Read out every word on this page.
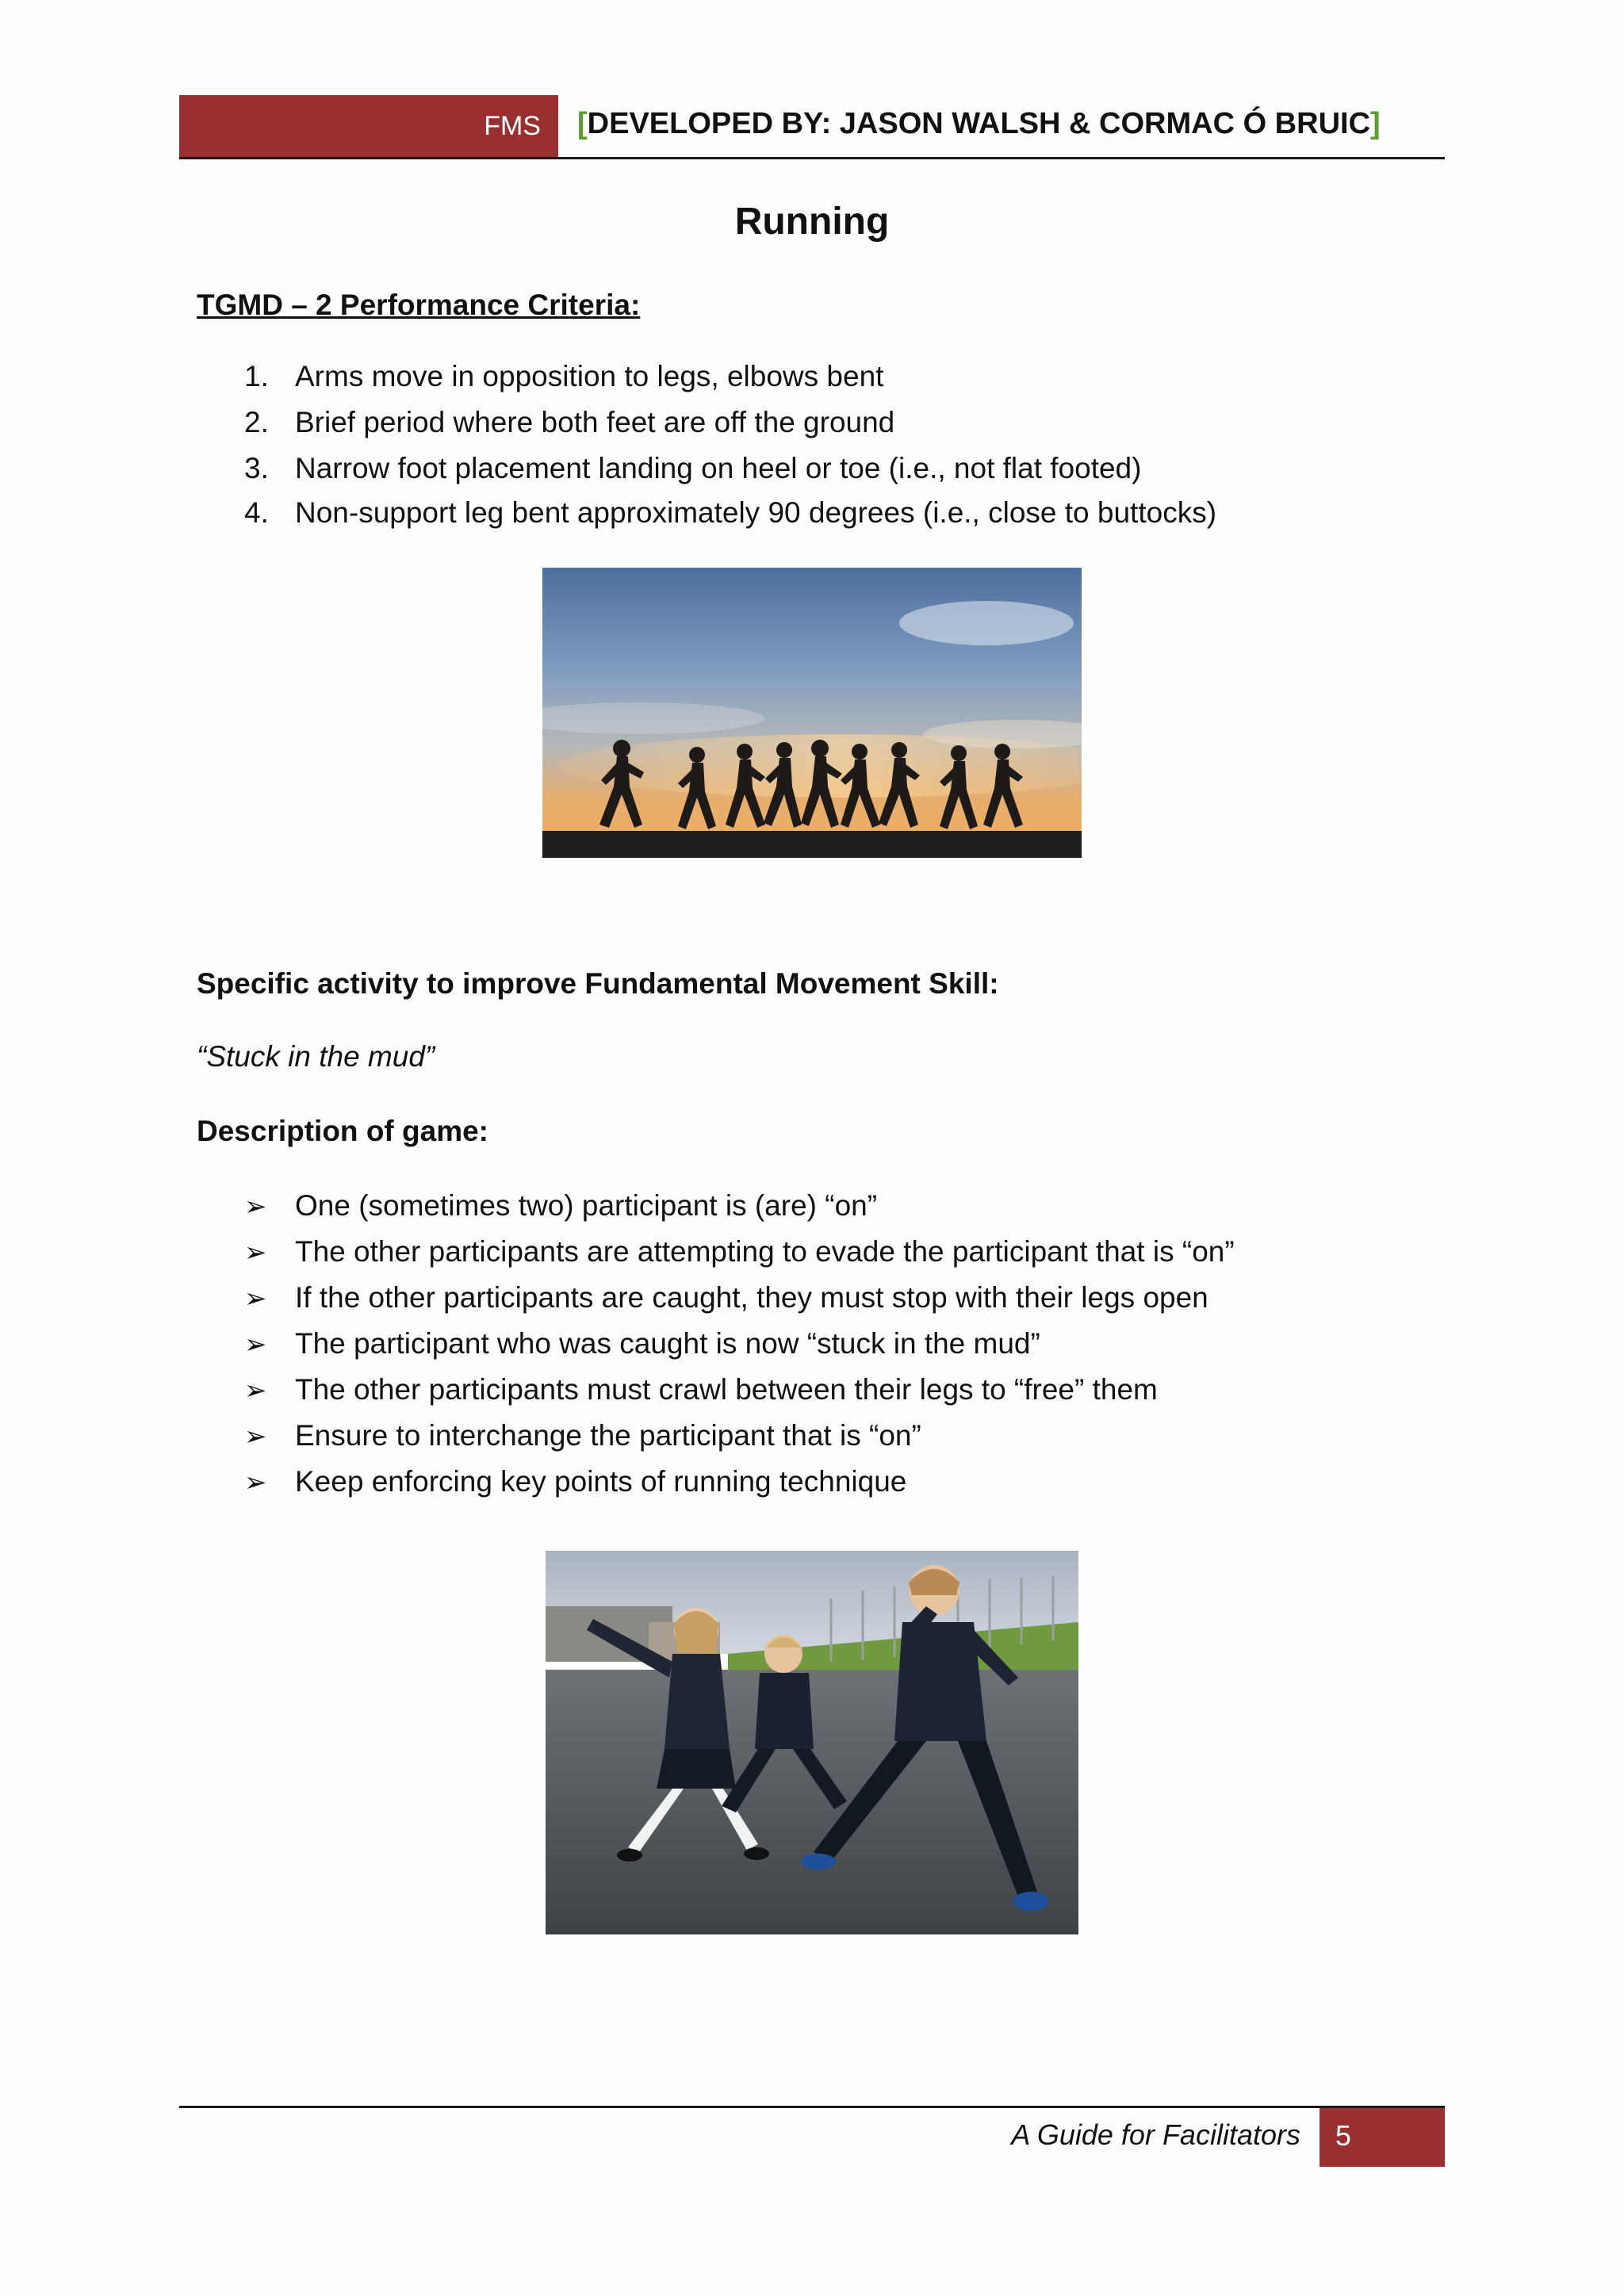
FMS [DEVELOPED BY: JASON WALSH & CORMAC Ó BRUIC]
Running
TGMD – 2 Performance Criteria:
1. Arms move in opposition to legs, elbows bent
2. Brief period where both feet are off the ground
3. Narrow foot placement landing on heel or toe (i.e., not flat footed)
4. Non-support leg bent approximately 90 degrees (i.e., close to buttocks)
Specific activity to improve Fundamental Movement Skill:
“Stuck in the mud”
Description of game:
➢ One (sometimes two) participant is (are) “on”
➢ The other participants are attempting to evade the participant that is “on”
➢ If the other participants are caught, they must stop with their legs open
➢ The participant who was caught is now “stuck in the mud”
➢ The other participants must crawl between their legs to “free” them
➢ Ensure to interchange the participant that is “on”
➢ Keep enforcing key points of running technique
A Guide for Facilitators 5
